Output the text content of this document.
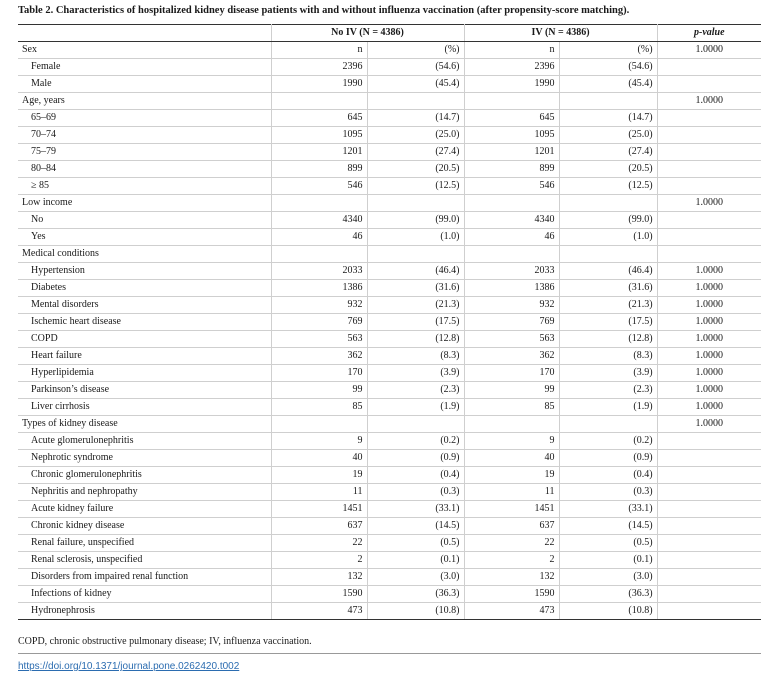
Table 2. Characteristics of hospitalized kidney disease patients with and without influenza vaccination (after propensity-score matching).
	No IV (N = 4386)		IV (N = 4386)		p-value
Sex	n	(%)	n	(%)	1.0000
Female	2396	(54.6)	2396	(54.6)	
Male	1990	(45.4)	1990	(45.4)	
Age, years					1.0000
65–69	645	(14.7)	645	(14.7)	
70–74	1095	(25.0)	1095	(25.0)	
75–79	1201	(27.4)	1201	(27.4)	
80–84	899	(20.5)	899	(20.5)	
≥ 85	546	(12.5)	546	(12.5)	
Low income					1.0000
No	4340	(99.0)	4340	(99.0)	
Yes	46	(1.0)	46	(1.0)	
Medical conditions					
Hypertension	2033	(46.4)	2033	(46.4)	1.0000
Diabetes	1386	(31.6)	1386	(31.6)	1.0000
Mental disorders	932	(21.3)	932	(21.3)	1.0000
Ischemic heart disease	769	(17.5)	769	(17.5)	1.0000
COPD	563	(12.8)	563	(12.8)	1.0000
Heart failure	362	(8.3)	362	(8.3)	1.0000
Hyperlipidemia	170	(3.9)	170	(3.9)	1.0000
Parkinson’s disease	99	(2.3)	99	(2.3)	1.0000
Liver cirrhosis	85	(1.9)	85	(1.9)	1.0000
Types of kidney disease					1.0000
Acute glomerulonephritis	9	(0.2)	9	(0.2)	
Nephrotic syndrome	40	(0.9)	40	(0.9)	
Chronic glomerulonephritis	19	(0.4)	19	(0.4)	
Nephritis and nephropathy	11	(0.3)	11	(0.3)	
Acute kidney failure	1451	(33.1)	1451	(33.1)	
Chronic kidney disease	637	(14.5)	637	(14.5)	
Renal failure, unspecified	22	(0.5)	22	(0.5)	
Renal sclerosis, unspecified	2	(0.1)	2	(0.1)	
Disorders from impaired renal function	132	(3.0)	132	(3.0)	
Infections of kidney	1590	(36.3)	1590	(36.3)	
Hydronephrosis	473	(10.8)	473	(10.8)	
COPD, chronic obstructive pulmonary disease; IV, influenza vaccination.
https://doi.org/10.1371/journal.pone.0262420.t002
